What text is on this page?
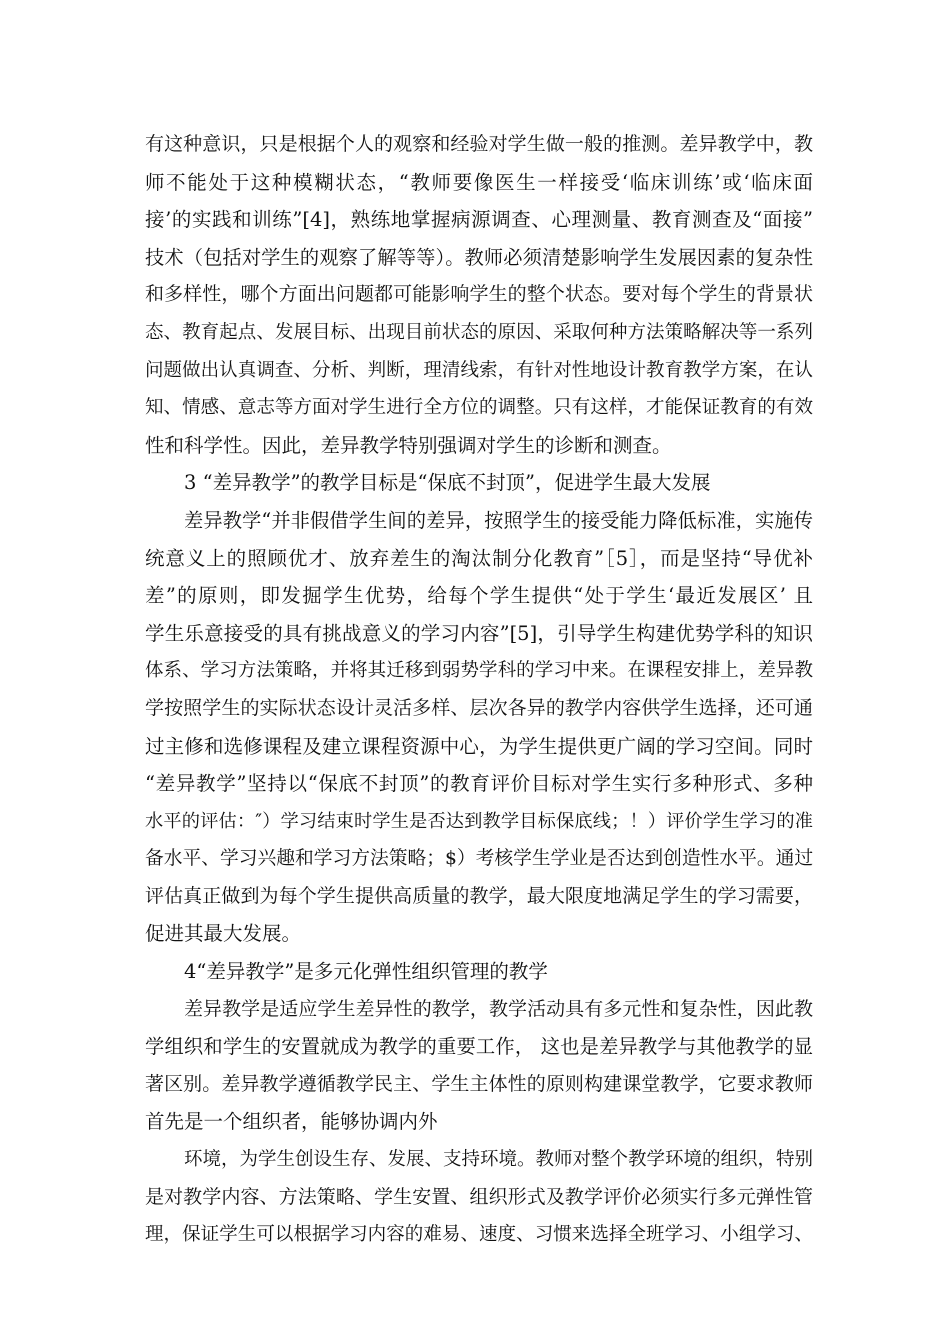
有这种意识，只是根据个人的观察和经验对学生做一般的推测。差异教学中，教
师不能处于这种模糊状态，“教师要像医生一样接受‘临床训练’或‘临床面
接’的实践和训练”[4]，熟练地掌握病源调查、心理测量、教育测查及“面接”
技术（包括对学生的观察了解等等）。教师必须清楚影响学生发展因素的复杂性
和多样性，哪个方面出问题都可能影响学生的整个状态。要对每个学生的背景状
态、教育起点、发展目标、出现目前状态的原因、采取何种方法策略解决等一系列
问题做出认真调查、分析、判断，理清线索，有针对性地设计教育教学方案，在认
知、情感、意志等方面对学生进行全方位的调整。只有这样，才能保证教育的有效
性和科学性。因此，差异教学特别强调对学生的诊断和测查。
3 “差异教学”的教学目标是“保底不封顶”，促进学生最大发展
差异教学“并非假借学生间的差异，按照学生的接受能力降低标准，实施传
统意义上的照顾优才、放弃差生的淘汰制分化教育”［5］，而是坚持“导优补
差”的原则，即发掘学生优势，给每个学生提供“处于学生‘最近发展区’ 且
学生乐意接受的具有挑战意义的学习内容”[5]，引导学生构建优势学科的知识
体系、学习方法策略，并将其迁移到弱势学科的学习中来。在课程安排上，差异教
学按照学生的实际状态设计灵活多样、层次各异的教学内容供学生选择，还可通
过主修和选修课程及建立课程资源中心，为学生提供更广阔的学习空间。同时
“差异教学”坚持以“保底不封顶”的教育评价目标对学生实行多种形式、多种
水平的评估：″）学习结束时学生是否达到教学目标保底线；！）评价学生学习的准
备水平、学习兴趣和学习方法策略；$）考核学生学业是否达到创造性水平。通过
评估真正做到为每个学生提供高质量的教学，最大限度地满足学生的学习需要，
促进其最大发展。
4“差异教学”是多元化弹性组织管理的教学
差异教学是适应学生差异性的教学，教学活动具有多元性和复杂性，因此教
学组织和学生的安置就成为教学的重要工作， 这也是差异教学与其他教学的显
著区别。差异教学遵循教学民主、学生主体性的原则构建课堂教学，它要求教师
首先是一个组织者，能够协调内外
环境，为学生创设生存、发展、支持环境。教师对整个教学环境的组织，特别
是对教学内容、方法策略、学生安置、组织形式及教学评价必须实行多元弹性管
理，保证学生可以根据学习内容的难易、速度、习惯来选择全班学习、小组学习、
